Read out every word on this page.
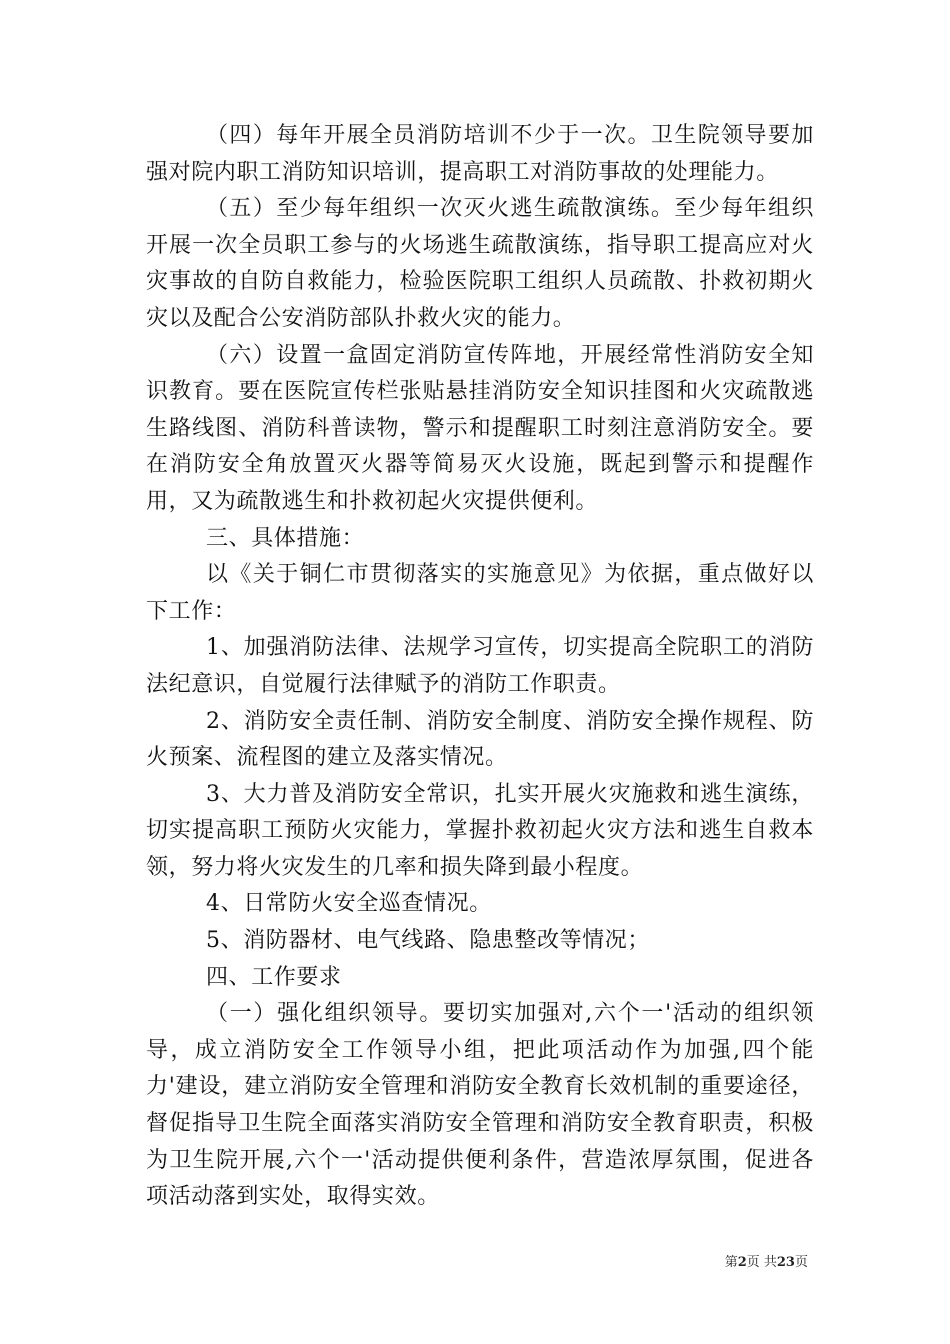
（四）每年开展全员消防培训不少于一次。卫生院领导要加强对院内职工消防知识培训，提高职工对消防事故的处理能力。

（五）至少每年组织一次灭火逃生疏散演练。至少每年组织开展一次全员职工参与的火场逃生疏散演练，指导职工提高应对火灾事故的自防自救能力，检验医院职工组织人员疏散、扑救初期火灾以及配合公安消防部队扑救火灾的能力。

（六）设置一盒固定消防宣传阵地，开展经常性消防安全知识教育。要在医院宣传栏张贴悬挂消防安全知识挂图和火灾疏散逃生路线图、消防科普读物，警示和提醒职工时刻注意消防安全。要在消防安全角放置灭火器等简易灭火设施，既起到警示和提醒作用，又为疏散逃生和扑救初起火灾提供便利。

三、具体措施：

以《关于铜仁市贯彻落实的实施意见》为依据，重点做好以下工作：

1、加强消防法律、法规学习宣传，切实提高全院职工的消防法纪意识，自觉履行法律赋予的消防工作职责。

2、消防安全责任制、消防安全制度、消防安全操作规程、防火预案、流程图的建立及落实情况。

3、大力普及消防安全常识，扎实开展火灾施救和逃生演练，切实提高职工预防火灾能力，掌握扑救初起火灾方法和逃生自救本领，努力将火灾发生的几率和损失降到最小程度。

4、日常防火安全巡查情况。

5、消防器材、电气线路、隐患整改等情况；

四、工作要求

（一）强化组织领导。要切实加强对,六个一'活动的组织领导，成立消防安全工作领导小组，把此项活动作为加强,四个能力'建设，建立消防安全管理和消防安全教育长效机制的重要途径，督促指导卫生院全面落实消防安全管理和消防安全教育职责，积极为卫生院开展,六个一'活动提供便利条件，营造浓厚氛围，促进各项活动落到实处，取得实效。

第2页 共23页
